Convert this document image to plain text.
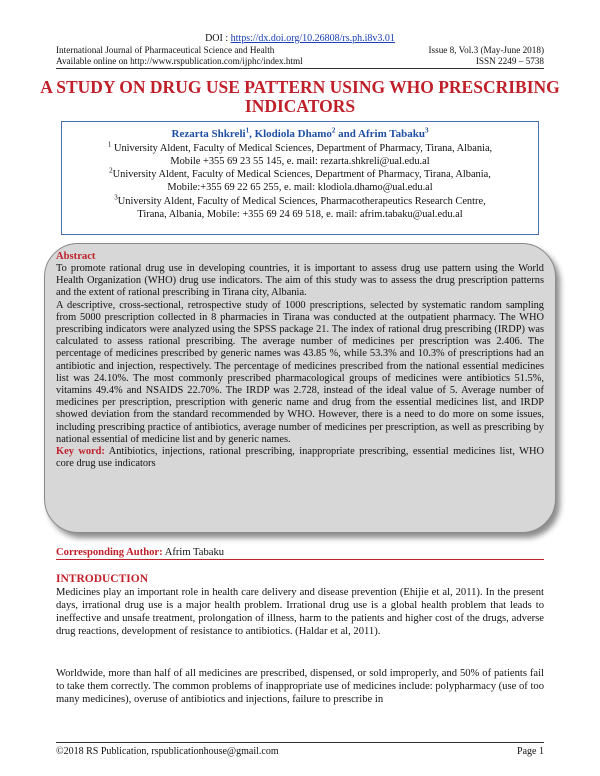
DOI : https://dx.doi.org/10.26808/rs.ph.i8v3.01
International Journal of Pharmaceutical Science and Health	Issue 8, Vol.3 (May-June 2018)
Available online on http://www.rspublication.com/ijphc/index.html	ISSN 2249 – 5738
A STUDY ON DRUG USE PATTERN USING WHO PRESCRIBING INDICATORS
Rezarta Shkreli$^1$, Klodiola Dhamo$^2$ and Afrim Tabaku$^3$
$^1$ University Aldent, Faculty of Medical Sciences, Department of Pharmacy, Tirana, Albania,
Mobile +355 69 23 55 145, e. mail: rezarta.shkreli@ual.edu.al
$^2$University Aldent, Faculty of Medical Sciences, Department of Pharmacy, Tirana, Albania,
Mobile:+355 69 22 65 255, e. mail: klodiola.dhamo@ual.edu.al
$^3$University Aldent, Faculty of Medical Sciences, Pharmacotherapeutics Research Centre,
Tirana, Albania, Mobile: +355 69 24 69 518, e. mail: afrim.tabaku@ual.edu.al
Abstract

To promote rational drug use in developing countries, it is important to assess drug use pattern using the World Health Organization (WHO) drug use indicators. The aim of this study was to assess the drug prescription patterns and the extent of rational prescribing in Tirana city, Albania.

A descriptive, cross-sectional, retrospective study of 1000 prescriptions, selected by systematic random sampling from 5000 prescription collected in 8 pharmacies in Tirana was conducted at the outpatient pharmacy. The WHO prescribing indicators were analyzed using the SPSS package 21. The index of rational drug prescribing (IRDP) was calculated to assess rational prescribing. The average number of medicines per prescription was 2.406. The percentage of medicines prescribed by generic names was 43.85 %, while 53.3% and 10.3% of prescriptions had an antibiotic and injection, respectively. The percentage of medicines prescribed from the national essential medicines list was 24.10%. The most commonly prescribed pharmacological groups of medicines were antibiotics 51.5%, vitamins 49.4% and NSAIDS 22.70%. The IRDP was 2.728, instead of the ideal value of 5. Average number of medicines per prescription, prescription with generic name and drug from the essential medicines list, and IRDP showed deviation from the standard recommended by WHO. However, there is a need to do more on some issues, including prescribing practice of antibiotics, average number of medicines per prescription, as well as prescribing by national essential of medicine list and by generic names.

Key word: Antibiotics, injections, rational prescribing, inappropriate prescribing, essential medicines list, WHO core drug use indicators

Corresponding Author: Afrim Tabaku
INTRODUCTION

Medicines play an important role in health care delivery and disease prevention (Ehijie et al, 2011). In the present days, irrational drug use is a major health problem. Irrational drug use is a global health problem that leads to ineffective and unsafe treatment, prolongation of illness, harm to the patients and higher cost of the drugs, adverse drug reactions, development of resistance to antibiotics. (Haldar et al, 2011).

Worldwide, more than half of all medicines are prescribed, dispensed, or sold improperly, and 50% of patients fail to take them correctly. The common problems of inappropriate use of medicines include: polypharmacy (use of too many medicines), overuse of antibiotics and injections, failure to prescribe in

©2018 RS Publication, rspublicationhouse@gmail.com	Page 1
